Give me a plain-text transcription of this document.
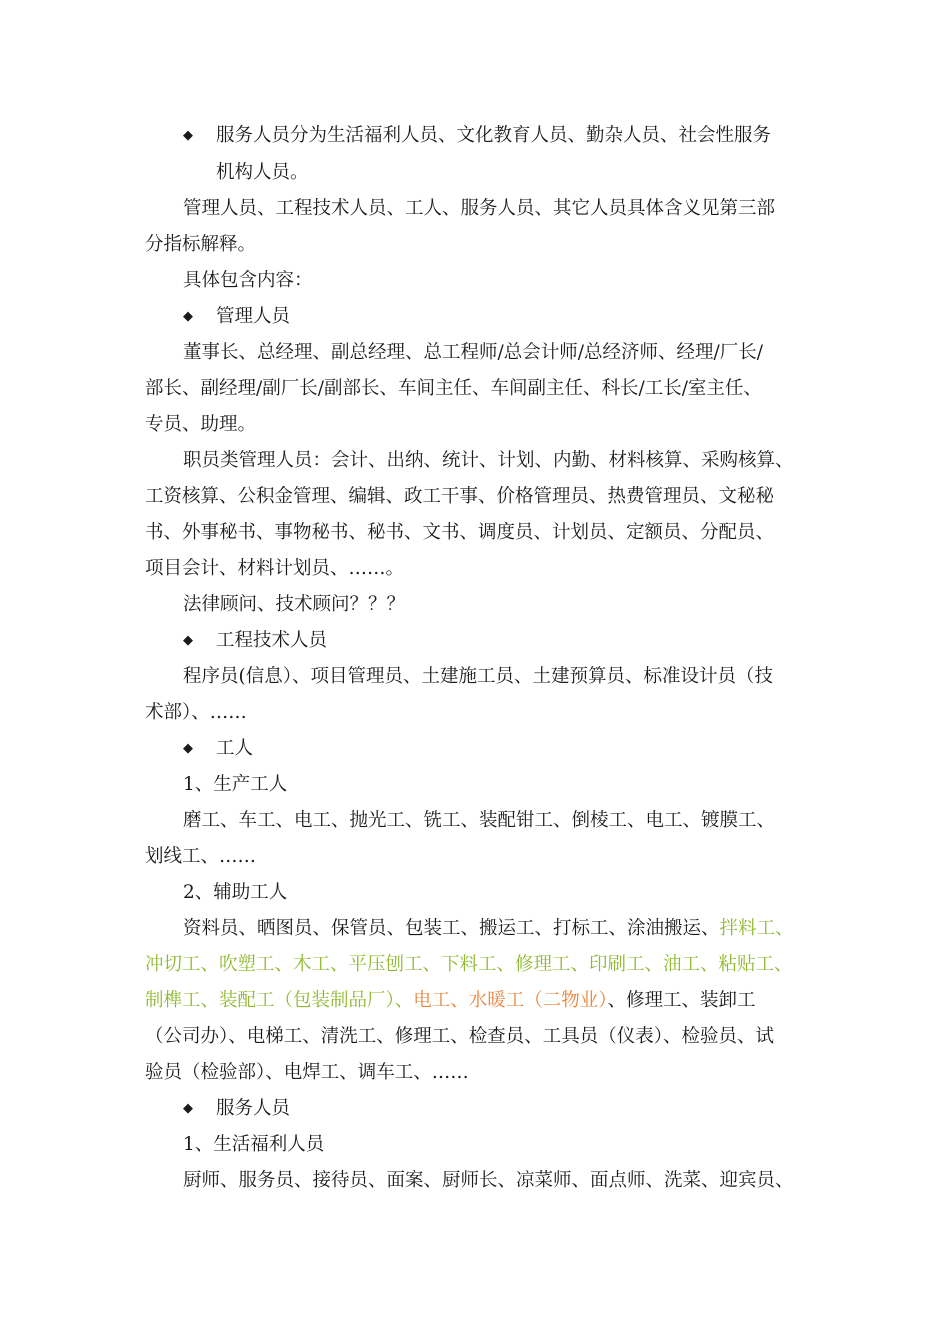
◆ 服务人员分为生活福利人员、文化教育人员、勤杂人员、社会性服务
机构人员。
管理人员、工程技术人员、工人、服务人员、其它人员具体含义见第三部
分指标解释。
具体包含内容：
◆ 管理人员
董事长、总经理、副总经理、总工程师/总会计师/总经济师、经理/厂长/
部长、副经理/副厂长/副部长、车间主任、车间副主任、科长/工长/室主任、
专员、助理。
职员类管理人员：会计、出纳、统计、计划、内勤、材料核算、采购核算、
工资核算、公积金管理、编辑、政工干事、价格管理员、热费管理员、文秘秘
书、外事秘书、事物秘书、秘书、文书、调度员、计划员、定额员、分配员、
项目会计、材料计划员、……。
法律顾问、技术顾问？？？
◆ 工程技术人员
程序员(信息）、项目管理员、土建施工员、土建预算员、标准设计员（技
术部）、……
◆ 工人
1、生产工人
磨工、车工、电工、抛光工、铣工、装配钳工、倒棱工、电工、镀膜工、
划线工、……
2、辅助工人
资料员、晒图员、保管员、包装工、搬运工、打标工、涂油搬运、拌料工、
冲切工、吹塑工、木工、平压刨工、下料工、修理工、印刷工、油工、粘贴工、
制榫工、装配工（包装制品厂）、电工、水暖工（二物业）、修理工、装卸工
（公司办）、电梯工、清洗工、修理工、检查员、工具员（仪表）、检验员、试
验员（检验部）、电焊工、调车工、……
◆ 服务人员
1、生活福利人员
厨师、服务员、接待员、面案、厨师长、凉菜师、面点师、洗菜、迎宾员、
